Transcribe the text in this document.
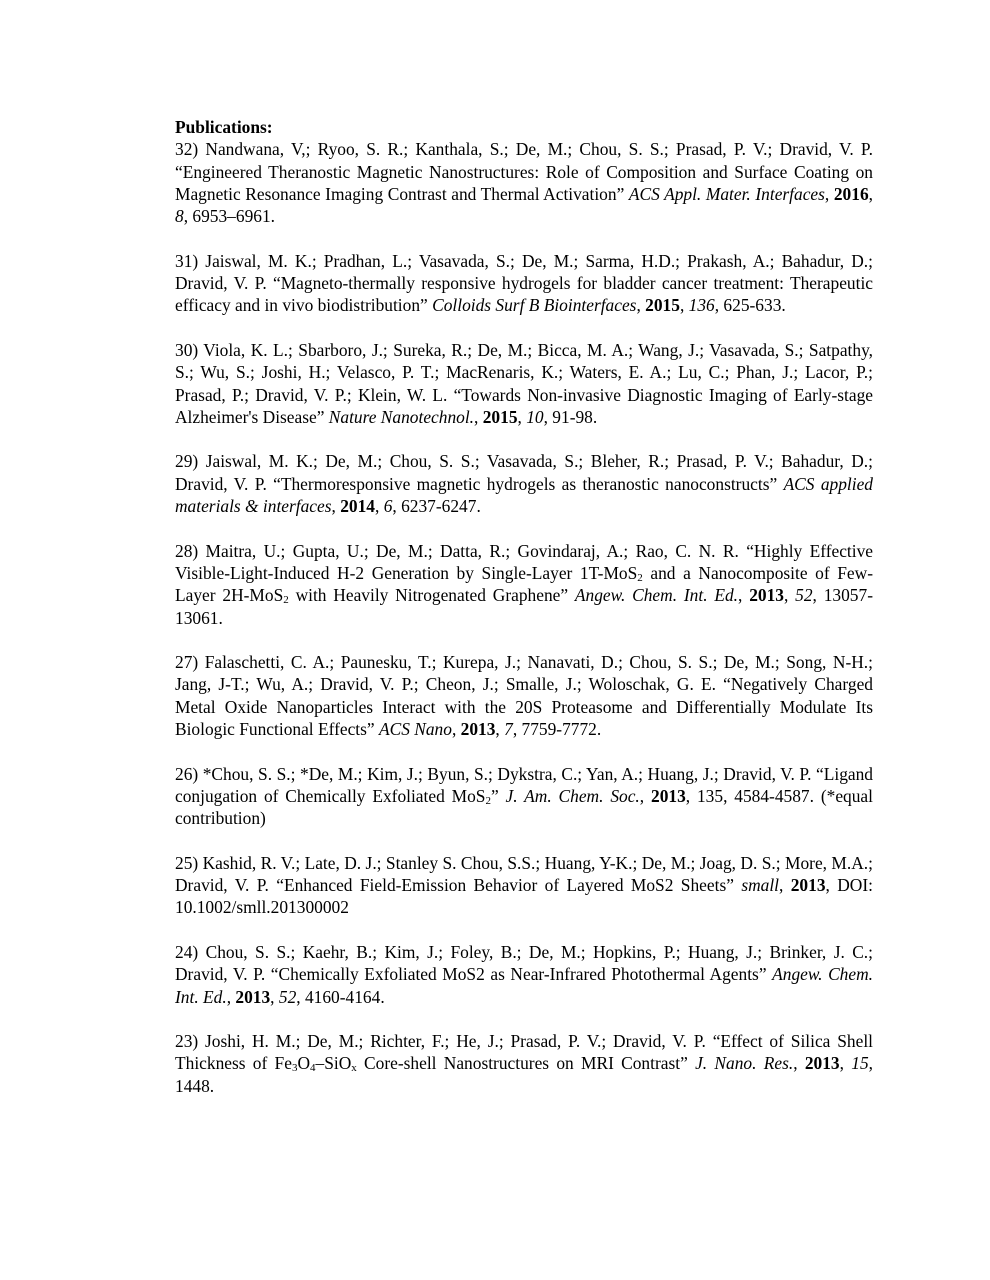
Publications:

32) Nandwana, V,; Ryoo, S. R.; Kanthala, S.; De, M.; Chou, S. S.; Prasad, P. V.; Dravid, V. P. “Engineered Theranostic Magnetic Nanostructures: Role of Composition and Surface Coating on Magnetic Resonance Imaging Contrast and Thermal Activation” ACS Appl. Mater. Interfaces, 2016, 8, 6953–6961.

31) Jaiswal, M. K.; Pradhan, L.; Vasavada, S.; De, M.; Sarma, H.D.; Prakash, A.; Bahadur, D.; Dravid, V. P. “Magneto-thermally responsive hydrogels for bladder cancer treatment: Therapeutic efficacy and in vivo biodistribution” Colloids Surf B Biointerfaces, 2015, 136, 625-633.

30) Viola, K. L.; Sbarboro, J.; Sureka, R.; De, M.; Bicca, M. A.; Wang, J.; Vasavada, S.; Satpathy, S.; Wu, S.; Joshi, H.; Velasco, P. T.; MacRenaris, K.; Waters, E. A.; Lu, C.; Phan, J.; Lacor, P.; Prasad, P.; Dravid, V. P.; Klein, W. L. “Towards Non-invasive Diagnostic Imaging of Early-stage Alzheimer's Disease” Nature Nanotechnol., 2015, 10, 91-98.

29) Jaiswal, M. K.; De, M.; Chou, S. S.; Vasavada, S.; Bleher, R.; Prasad, P. V.; Bahadur, D.; Dravid, V. P. “Thermoresponsive magnetic hydrogels as theranostic nanoconstructs” ACS applied materials & interfaces, 2014, 6, 6237-6247.

28) Maitra, U.; Gupta, U.; De, M.; Datta, R.; Govindaraj, A.; Rao, C. N. R. “Highly Effective Visible-Light-Induced H-2 Generation by Single-Layer 1T-MoS$_2$ and a Nanocomposite of Few-Layer 2H-MoS$_2$ with Heavily Nitrogenated Graphene” Angew. Chem. Int. Ed., 2013, 52, 13057-13061.

27) Falaschetti, C. A.; Paunesku, T.; Kurepa, J.; Nanavati, D.; Chou, S. S.; De, M.; Song, N-H.; Jang, J-T.; Wu, A.; Dravid, V. P.; Cheon, J.; Smalle, J.; Woloschak, G. E. “Negatively Charged Metal Oxide Nanoparticles Interact with the 20S Proteasome and Differentially Modulate Its Biologic Functional Effects” ACS Nano, 2013, 7, 7759-7772.

26) *Chou, S. S.; *De, M.; Kim, J.; Byun, S.; Dykstra, C.; Yan, A.; Huang, J.; Dravid, V. P. “Ligand conjugation of Chemically Exfoliated MoS$_2$” J. Am. Chem. Soc., 2013, 135, 4584-4587. (*equal contribution)

25) Kashid, R. V.; Late, D. J.; Stanley S. Chou, S.S.; Huang, Y-K.; De, M.; Joag, D. S.; More, M.A.; Dravid, V. P. “Enhanced Field-Emission Behavior of Layered MoS2 Sheets” small, 2013, DOI: 10.1002/smll.201300002

24) Chou, S. S.; Kaehr, B.; Kim, J.; Foley, B.; De, M.; Hopkins, P.; Huang, J.; Brinker, J. C.; Dravid, V. P. “Chemically Exfoliated MoS2 as Near-Infrared Photothermal Agents” Angew. Chem. Int. Ed., 2013, 52, 4160-4164.

23) Joshi, H. M.; De, M.; Richter, F.; He, J.; Prasad, P. V.; Dravid, V. P. “Effect of Silica Shell Thickness of $Fe_3O_4-SiO_x$ Core-shell Nanostructures on MRI Contrast” J. Nano. Res., 2013, 15, 1448.
